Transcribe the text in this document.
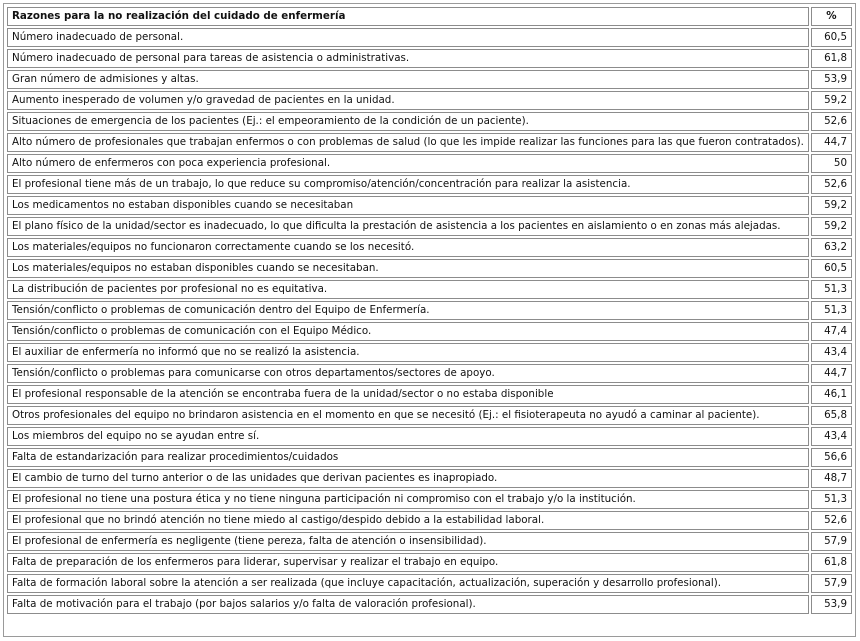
Razones para la no realización del cuidado de enfermería	%
Número inadecuado de personal.	60,5
Número inadecuado de personal para tareas de asistencia o administrativas.	61,8
Gran número de admisiones y altas.	53,9
Aumento inesperado de volumen y/o gravedad de pacientes en la unidad.	59,2
Situaciones de emergencia de los pacientes (Ej.: el empeoramiento de la condición de un paciente).	52,6
Alto número de profesionales que trabajan enfermos o con problemas de salud (lo que les impide realizar las funciones para las que fueron contratados).	44,7
Alto número de enfermeros con poca experiencia profesional.	50
El profesional tiene más de un trabajo, lo que reduce su compromiso/atención/concentración para realizar la asistencia.	52,6
Los medicamentos no estaban disponibles cuando se necesitaban	59,2
El plano físico de la unidad/sector es inadecuado, lo que dificulta la prestación de asistencia a los pacientes en aislamiento o en zonas más alejadas.	59,2
Los materiales/equipos no funcionaron correctamente cuando se los necesitó.	63,2
Los materiales/equipos no estaban disponibles cuando se necesitaban.	60,5
La distribución de pacientes por profesional no es equitativa.	51,3
Tensión/conflicto o problemas de comunicación dentro del Equipo de Enfermería.	51,3
Tensión/conflicto o problemas de comunicación con el Equipo Médico.	47,4
El auxiliar de enfermería no informó que no se realizó la asistencia.	43,4
Tensión/conflicto o problemas para comunicarse con otros departamentos/sectores de apoyo.	44,7
El profesional responsable de la atención se encontraba fuera de la unidad/sector o no estaba disponible	46,1
Otros profesionales del equipo no brindaron asistencia en el momento en que se necesitó (Ej.: el fisioterapeuta no ayudó a caminar al paciente).	65,8
Los miembros del equipo no se ayudan entre sí.	43,4
Falta de estandarización para realizar procedimientos/cuidados	56,6
El cambio de turno del turno anterior o de las unidades que derivan pacientes es inapropiado.	48,7
El profesional no tiene una postura ética y no tiene ninguna participación ni compromiso con el trabajo y/o la institución.	51,3
El profesional que no brindó atención no tiene miedo al castigo/despido debido a la estabilidad laboral.	52,6
El profesional de enfermería es negligente (tiene pereza, falta de atención o insensibilidad).	57,9
Falta de preparación de los enfermeros para liderar, supervisar y realizar el trabajo en equipo.	61,8
Falta de formación laboral sobre la atención a ser realizada (que incluye capacitación, actualización, superación y desarrollo profesional).	57,9
Falta de motivación para el trabajo (por bajos salarios y/o falta de valoración profesional).	53,9
